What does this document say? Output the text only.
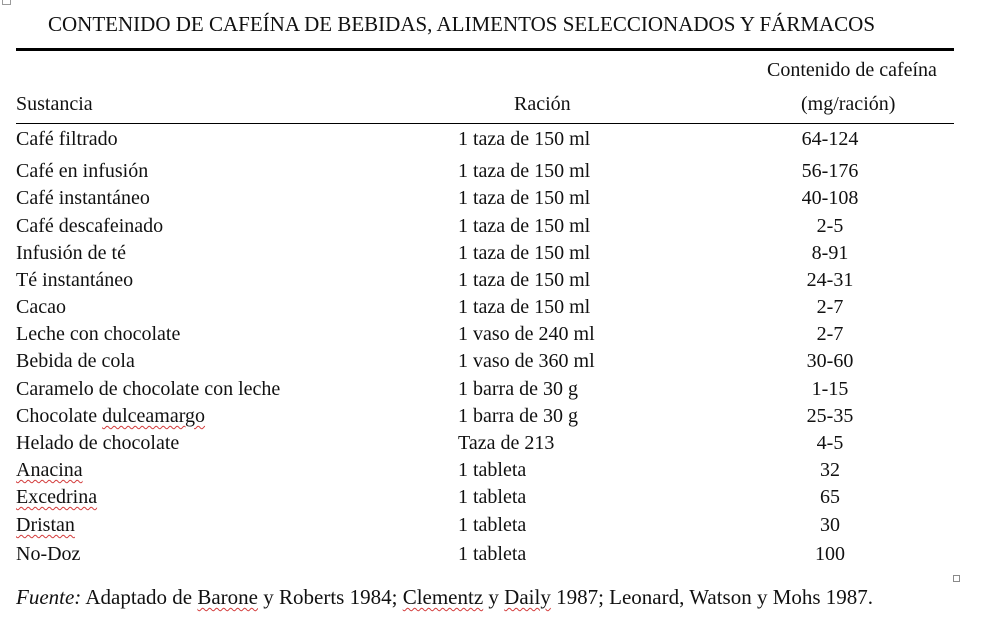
CONTENIDO DE CAFEÍNA DE BEBIDAS, ALIMENTOS SELECCIONADOS Y FÁRMACOS
Contenido de cafeína
Sustancia	Ración	(mg/ración)
Café filtrado	1 taza de 150 ml	64-124
Café en infusión	1 taza de 150 ml	56-176
Café instantáneo	1 taza de 150 ml	40-108
Café descafeinado	1 taza de 150 ml	2-5
Infusión de té	1 taza de 150 ml	8-91
Té instantáneo	1 taza de 150 ml	24-31
Cacao	1 taza de 150 ml	2-7
Leche con chocolate	1 vaso de 240 ml	2-7
Bebida de cola	1 vaso de 360 ml	30-60
Caramelo de chocolate con leche	1 barra de 30 g	1-15
Chocolate dulceamargo	1 barra de 30 g	25-35
Helado de chocolate	Taza de 213	4-5
Anacina	1 tableta	32
Excedrina	1 tableta	65
Dristan	1 tableta	30
No-Doz	1 tableta	100
Fuente: Adaptado de Barone y Roberts 1984; Clementz y Daily 1987; Leonard, Watson y Mohs 1987.
